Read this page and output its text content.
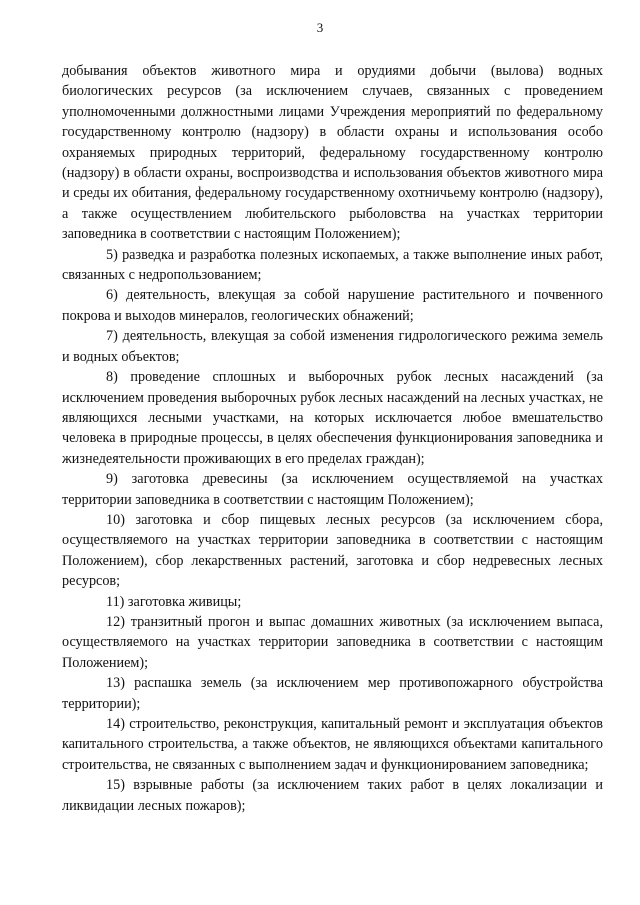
3

добывания объектов животного мира и орудиями добычи (вылова) водных биологических ресурсов (за исключением случаев, связанных с проведением уполномоченными должностными лицами Учреждения мероприятий по федеральному государственному контролю (надзору) в области охраны и использования особо охраняемых природных территорий, федеральному государственному контролю (надзору) в области охраны, воспроизводства и использования объектов животного мира и среды их обитания, федеральному государственному охотничьему контролю (надзору), а также осуществлением любительского рыболовства на участках территории заповедника в соответствии с настоящим Положением);

5) разведка и разработка полезных ископаемых, а также выполнение иных работ, связанных с недропользованием;

6) деятельность, влекущая за собой нарушение растительного и почвенного покрова и выходов минералов, геологических обнажений;

7) деятельность, влекущая за собой изменения гидрологического режима земель и водных объектов;

8) проведение сплошных и выборочных рубок лесных насаждений (за исключением проведения выборочных рубок лесных насаждений на лесных участках, не являющихся лесными участками, на которых исключается любое вмешательство человека в природные процессы, в целях обеспечения функционирования заповедника и жизнедеятельности проживающих в его пределах граждан);

9) заготовка древесины (за исключением осуществляемой на участках территории заповедника в соответствии с настоящим Положением);

10) заготовка и сбор пищевых лесных ресурсов (за исключением сбора, осуществляемого на участках территории заповедника в соответствии с настоящим Положением), сбор лекарственных растений, заготовка и сбор недревесных лесных ресурсов;

11) заготовка живицы;

12) транзитный прогон и выпас домашних животных (за исключением выпаса, осуществляемого на участках территории заповедника в соответствии с настоящим Положением);

13) распашка земель (за исключением мер противопожарного обустройства территории);

14) строительство, реконструкция, капитальный ремонт и эксплуатация объектов капитального строительства, а также объектов, не являющихся объектами капитального строительства, не связанных с выполнением задач и функционированием заповедника;

15) взрывные работы (за исключением таких работ в целях локализации и ликвидации лесных пожаров);
